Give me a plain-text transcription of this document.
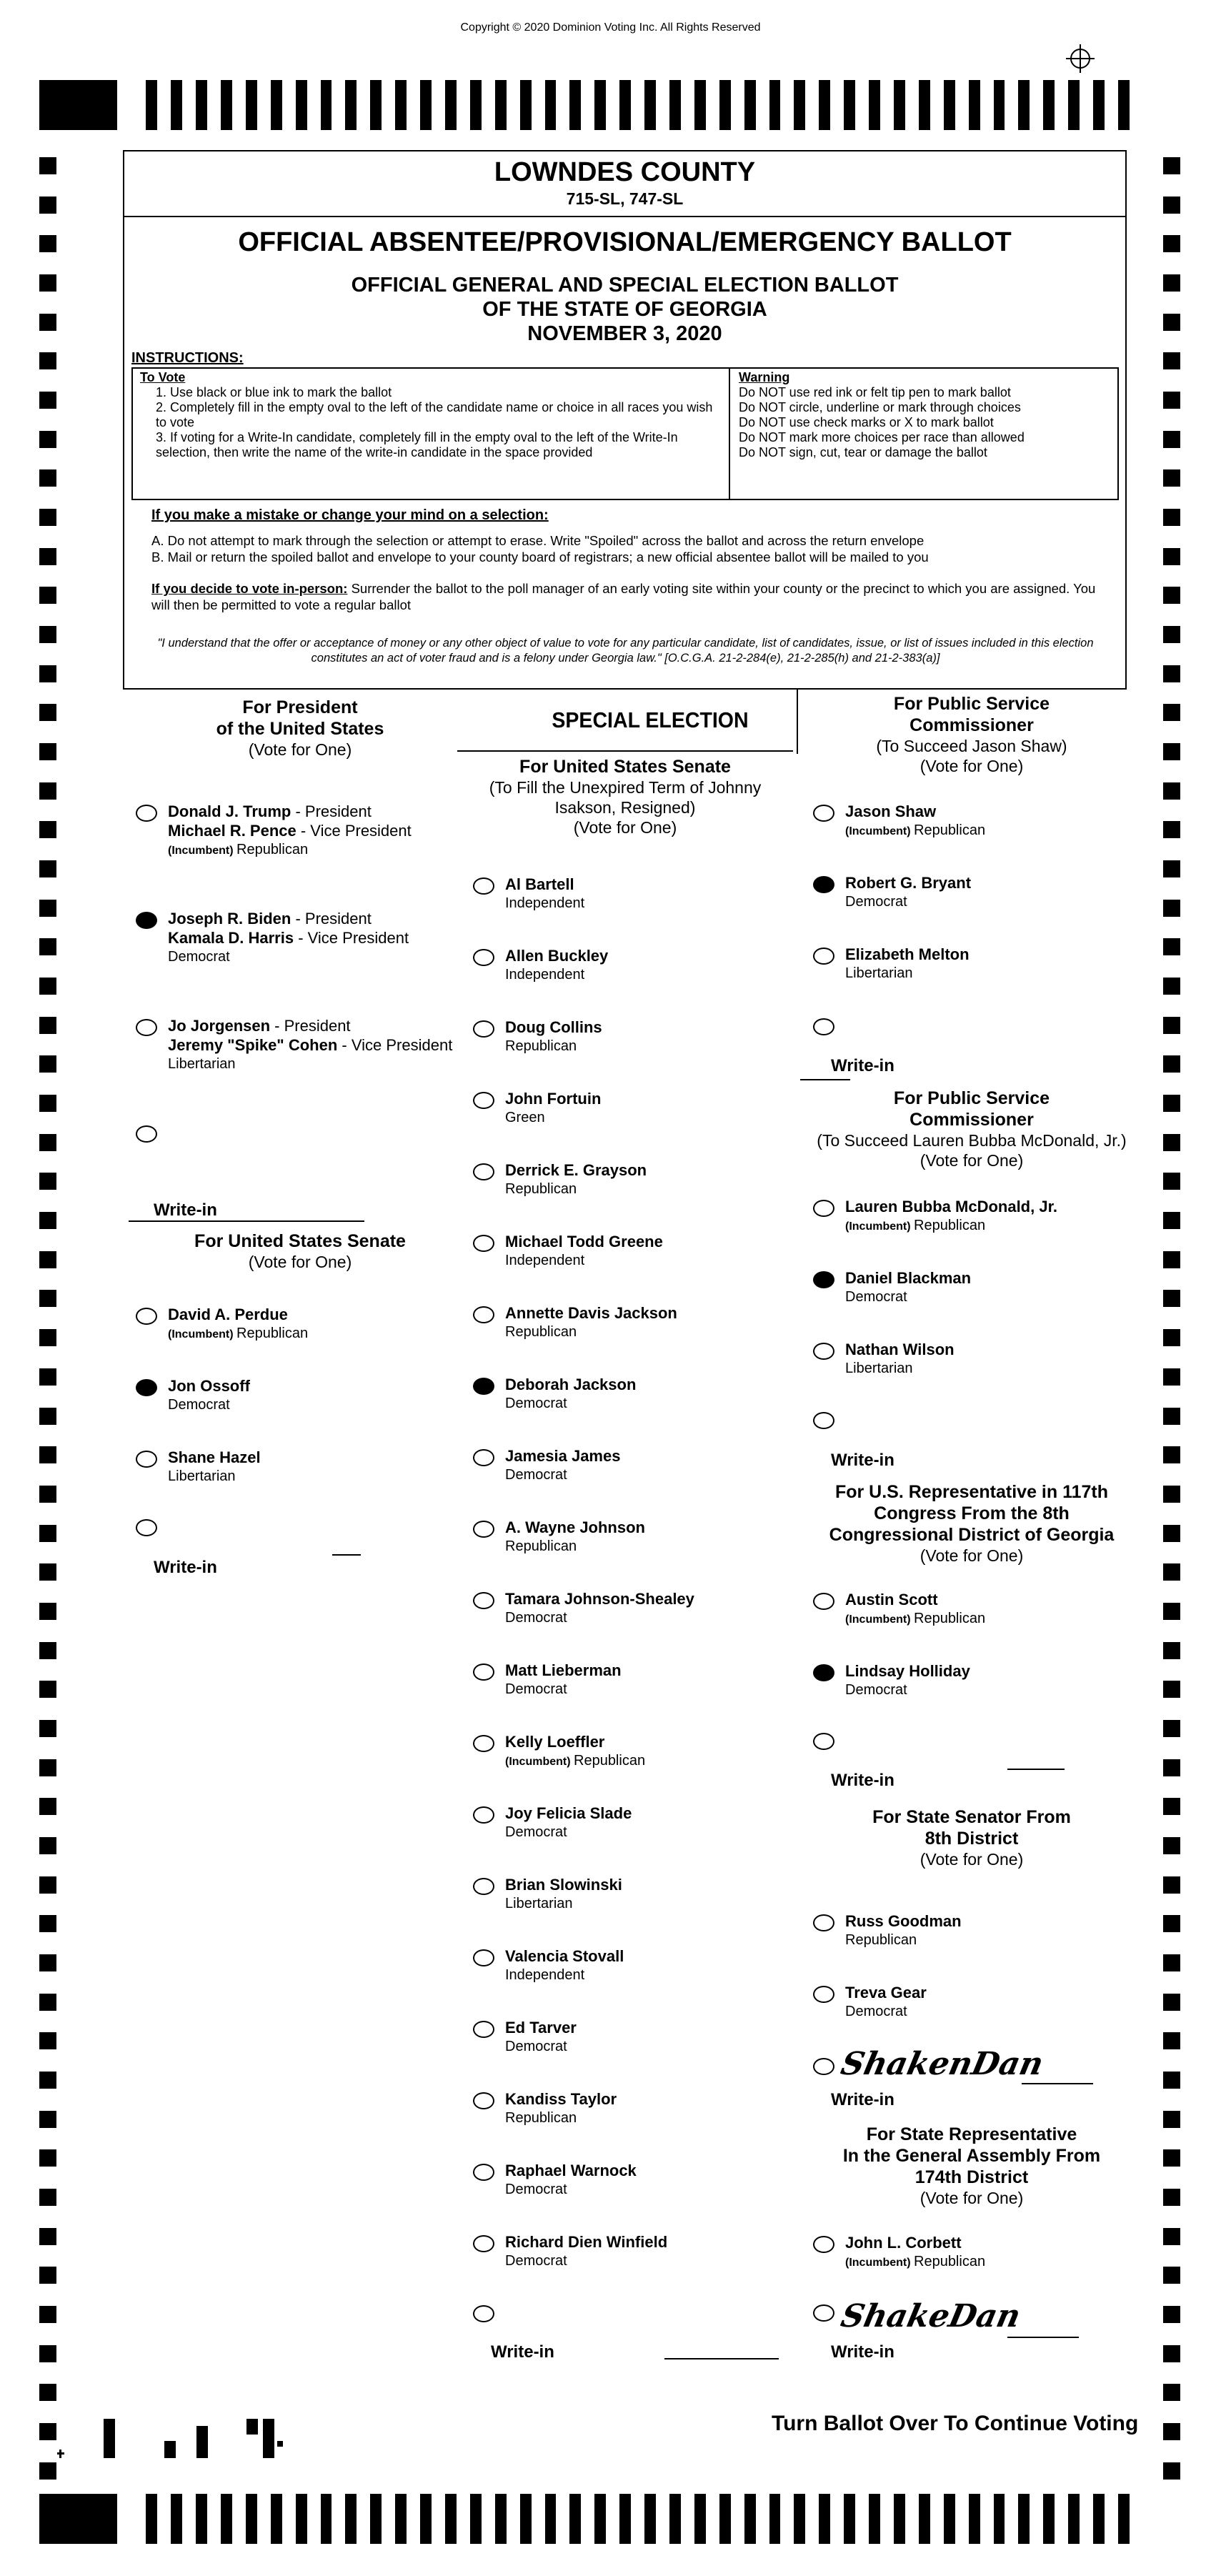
Copyright © 2020 Dominion Voting Inc. All Rights Reserved
LOWNDES COUNTY
715-SL, 747-SL
OFFICIAL ABSENTEE/PROVISIONAL/EMERGENCY BALLOT
OFFICIAL GENERAL AND SPECIAL ELECTION BALLOT
OF THE STATE OF GEORGIA
NOVEMBER 3, 2020
INSTRUCTIONS:
To Vote
1. Use black or blue ink to mark the ballot
2. Completely fill in the empty oval to the left of the candidate name or choice in all races you wish to vote
3. If voting for a Write-In candidate, completely fill in the empty oval to the left of the Write-In selection, then write the name of the write-in candidate in the space provided
Warning
Do NOT use red ink or felt tip pen to mark ballot
Do NOT circle, underline or mark through choices
Do NOT use check marks or X to mark ballot
Do NOT mark more choices per race than allowed
Do NOT sign, cut, tear or damage the ballot
If you make a mistake or change your mind on a selection:
A. Do not attempt to mark through the selection or attempt to erase. Write "Spoiled" across the ballot and across the return envelope
B. Mail or return the spoiled ballot and envelope to your county board of registrars; a new official absentee ballot will be mailed to you
If you decide to vote in-person: Surrender the ballot to the poll manager of an early voting site within your county or the precinct to which you are assigned. You will then be permitted to vote a regular ballot
"I understand that the offer or acceptance of money or any other object of value to vote for any particular candidate, list of candidates, issue, or list of issues included in this election constitutes an act of voter fraud and is a felony under Georgia law." [O.C.G.A. 21-2-284(e), 21-2-285(h) and 21-2-383(a)]
SPECIAL ELECTION
For President
of the United States
(Vote for One)
Donald J. Trump - President
Michael R. Pence - Vice President
(Incumbent) Republican
Joseph R. Biden - President
Kamala D. Harris - Vice President
Democrat
Jo Jorgensen - President
Jeremy "Spike" Cohen - Vice President
Libertarian
Write-in
For United States Senate
(Vote for One)
David A. Perdue
(Incumbent) Republican
Jon Ossoff
Democrat
Shane Hazel
Libertarian
Write-in
For United States Senate
(To Fill the Unexpired Term of Johnny
Isakson, Resigned)
(Vote for One)
Al Bartell
Independent
Allen Buckley
Independent
Doug Collins
Republican
John Fortuin
Green
Derrick E. Grayson
Republican
Michael Todd Greene
Independent
Annette Davis Jackson
Republican
Deborah Jackson
Democrat
Jamesia James
Democrat
A. Wayne Johnson
Republican
Tamara Johnson-Shealey
Democrat
Matt Lieberman
Democrat
Kelly Loeffler
(Incumbent) Republican
Joy Felicia Slade
Democrat
Brian Slowinski
Libertarian
Valencia Stovall
Independent
Ed Tarver
Democrat
Kandiss Taylor
Republican
Raphael Warnock
Democrat
Richard Dien Winfield
Democrat
Write-in
For Public Service
Commissioner
(To Succeed Jason Shaw)
(Vote for One)
Jason Shaw
(Incumbent) Republican
Robert G. Bryant
Democrat
Elizabeth Melton
Libertarian
Write-in
For Public Service
Commissioner
(To Succeed Lauren Bubba McDonald, Jr.)
(Vote for One)
Lauren Bubba McDonald, Jr.
(Incumbent) Republican
Daniel Blackman
Democrat
Nathan Wilson
Libertarian
Write-in
For U.S. Representative in 117th
Congress From the 8th
Congressional District of Georgia
(Vote for One)
Austin Scott
(Incumbent) Republican
Lindsay Holliday
Democrat
Write-in
For State Senator From
8th District
(Vote for One)
Russ Goodman
Republican
Treva Gear
Democrat
Write-in
ShakenDan
For State Representative
In the General Assembly From
174th District
(Vote for One)
John L. Corbett
(Incumbent) Republican
Write-in
ShakeDan
Turn Ballot Over To Continue Voting
